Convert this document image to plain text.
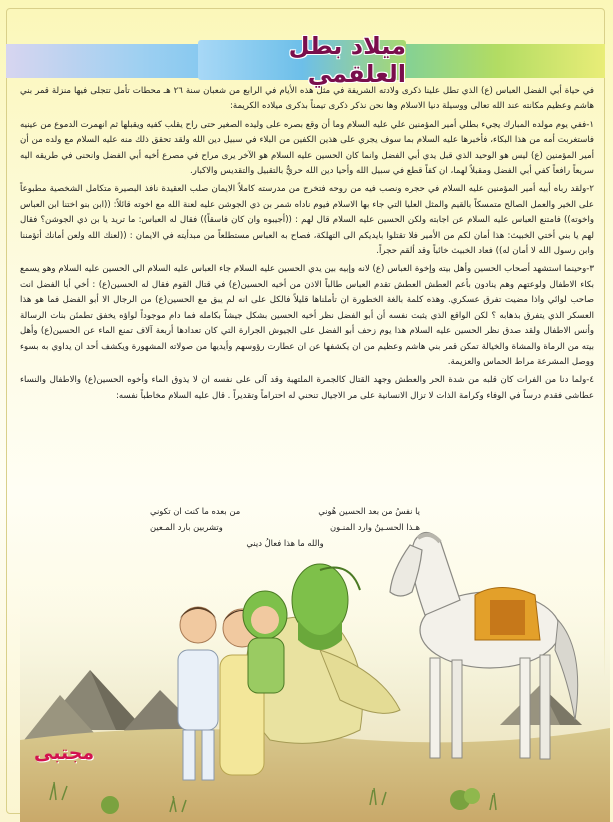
ميلاد بطل العلقمي

في حياة أبي الفضل العباس (ع) الذي تطل علينا ذكرى ولادته الشريفة في مثل هذه الأيام في الرابع من شعبان سنة ٢٦ هـ محطات تأمل تتجلى فيها منزلة قمر بني هاشم وعظيم مكانته عند الله تعالى ووسيلة دنيا الاسلام وها نحن نذكر ذكرى تيمناً بذكرى ميلاده الكريمة:

١-ففي يوم مولده المبارك يجيء بطلي أمير المؤمنين علي عليه السلام وما أن وقع بصره على وليده الصغير حتى راح يقلب كفيه ويقبلها ثم انهمرت الدموع من عينيه فاستغربت أمه من هذا البكاء، فأخبرها عليه السلام بما سوف يجري على هذين الكفين من البلاء في سبيل دين الله ولقد تحقق ذلك منه عليه السلام مع ولده من أن أمير المؤمنين (ع) ليس هو الوحيد الذي قبل يدي أبي الفضل وانما كان الحسين عليه السلام هو الآخر يرى مراح في مصرع أخيه أبي الفضل وانحنى في طريقه اليه سريعاً رافعاً كفي أبي الفضل ومقبلاً لهما، ان كفاً قطع في سبيل الله وأحيا دين الله حريٌّ بالتقبيل والتقديس والاكبار.

٢-ولقد رباه أبيه أمير المؤمنين عليه السلام في حجره ونصب فيه من روحه فتخرج من مدرسته كاملاً الايمان صلب العقيدة نافذ البصيرة متكامل الشخصية مطبوعاً على الخير والعمل الصالح متمسكاً بالقيم والمثل العليا التي جاء بها الاسلام فيوم ناداه شمر بن ذي الجوشن عليه لعنة الله مع اخوته قائلاً: ((ابن بنو اختنا ابن العباس واخوته)) فامتنع العباس عليه السلام عن اجابته ولكن الحسين عليه السلام قال لهم : ((أجيبوه وان كان فاسقاً)) فقال له العباس: ما تريد يا بن ذي الجوشن؟ فقال لهم يا بني أختي الخبيث: هذا أمان لكم من الأمير فلا تقتلوا بايديكم الى التهلكة، فصاح به العباس مستطلعاً من مبدأيته في الايمان : ((لعنك الله ولعن أمانك أتؤمننا وابن رسول الله لا أمان له)) فعاد الخبيث خائباً وقد ألقم حجراً.

٣-وحينما استشهد أصحاب الحسين وأهل بيته وإخوة العباس (ع) لانه وإبيه بين يدي الحسين عليه السلام جاء العباس عليه السلام الى الحسين عليه السلام وهو يسمع بكاء الاطفال ولوعتهم وهم ينادون بأعم العطش العطش تقدم العباس طالباً الاذن من أخيه الحسين(ع) في قتال القوم فقال له الحسين(ع) : أخي أبا الفضل انت صاحب لوائي واذا مضيت تفرق عسكري. وهذه كلمة بالغة الخطورة ان تأملناها قليلاً فالكل على انه لم يبق مع الحسين(ع) من الرجال الا أبو الفضل فما هو هذا العسكر الذي يتفرق بذهابه ؟ لكن الواقع الذي يثبت نفسه أن أبو الفضل نظر أخيه الحسين بشكل جيشاً بكامله فما دام موجوداً لواؤه يخفق تطمئن بنات الرسالة وأنس الاطفال ولقد صدق نظر الحسين عليه السلام هذا يوم زحف أبو الفضل على الجيوش الجرارة التي كان تعدادها أربعة آلاف تمنع الماء عن الحسين(ع) وأهل بيته من الرماة والمشاة والخيالة تمكن قمر بني هاشم وعظيم من ان يكشفها عن ان عطارت رؤوسهم وأيديها من صولاته المشهورة ويكشف أحد ان يداوي به بسوء ووصل المشرعة مراط الحماس والعزيمة.

٤-ولما دنا من الفرات كان قلبه من شدة الحر والعطش وجهد القتال كالجمرة الملتهبة وقد آلى على نفسه ان لا يذوق الماء وأخوه الحسين(ع) والاطفال والنساء عطاشى فقدم درساً في الوفاء وكرامة الذات لا تزال الانسانية على مر الاجيال تنحني له احتراماً وتقديراً . قال عليه السلام مخاطباً نفسه:

يا نفسُ من بعد الحسين هُوني
من بعده ما كنت ان تكوني
هـذا الحسـينُ وارد المنـون
وتشربين بارد المـعين
والله ما هذا فعالُ ديني
مجتبى
